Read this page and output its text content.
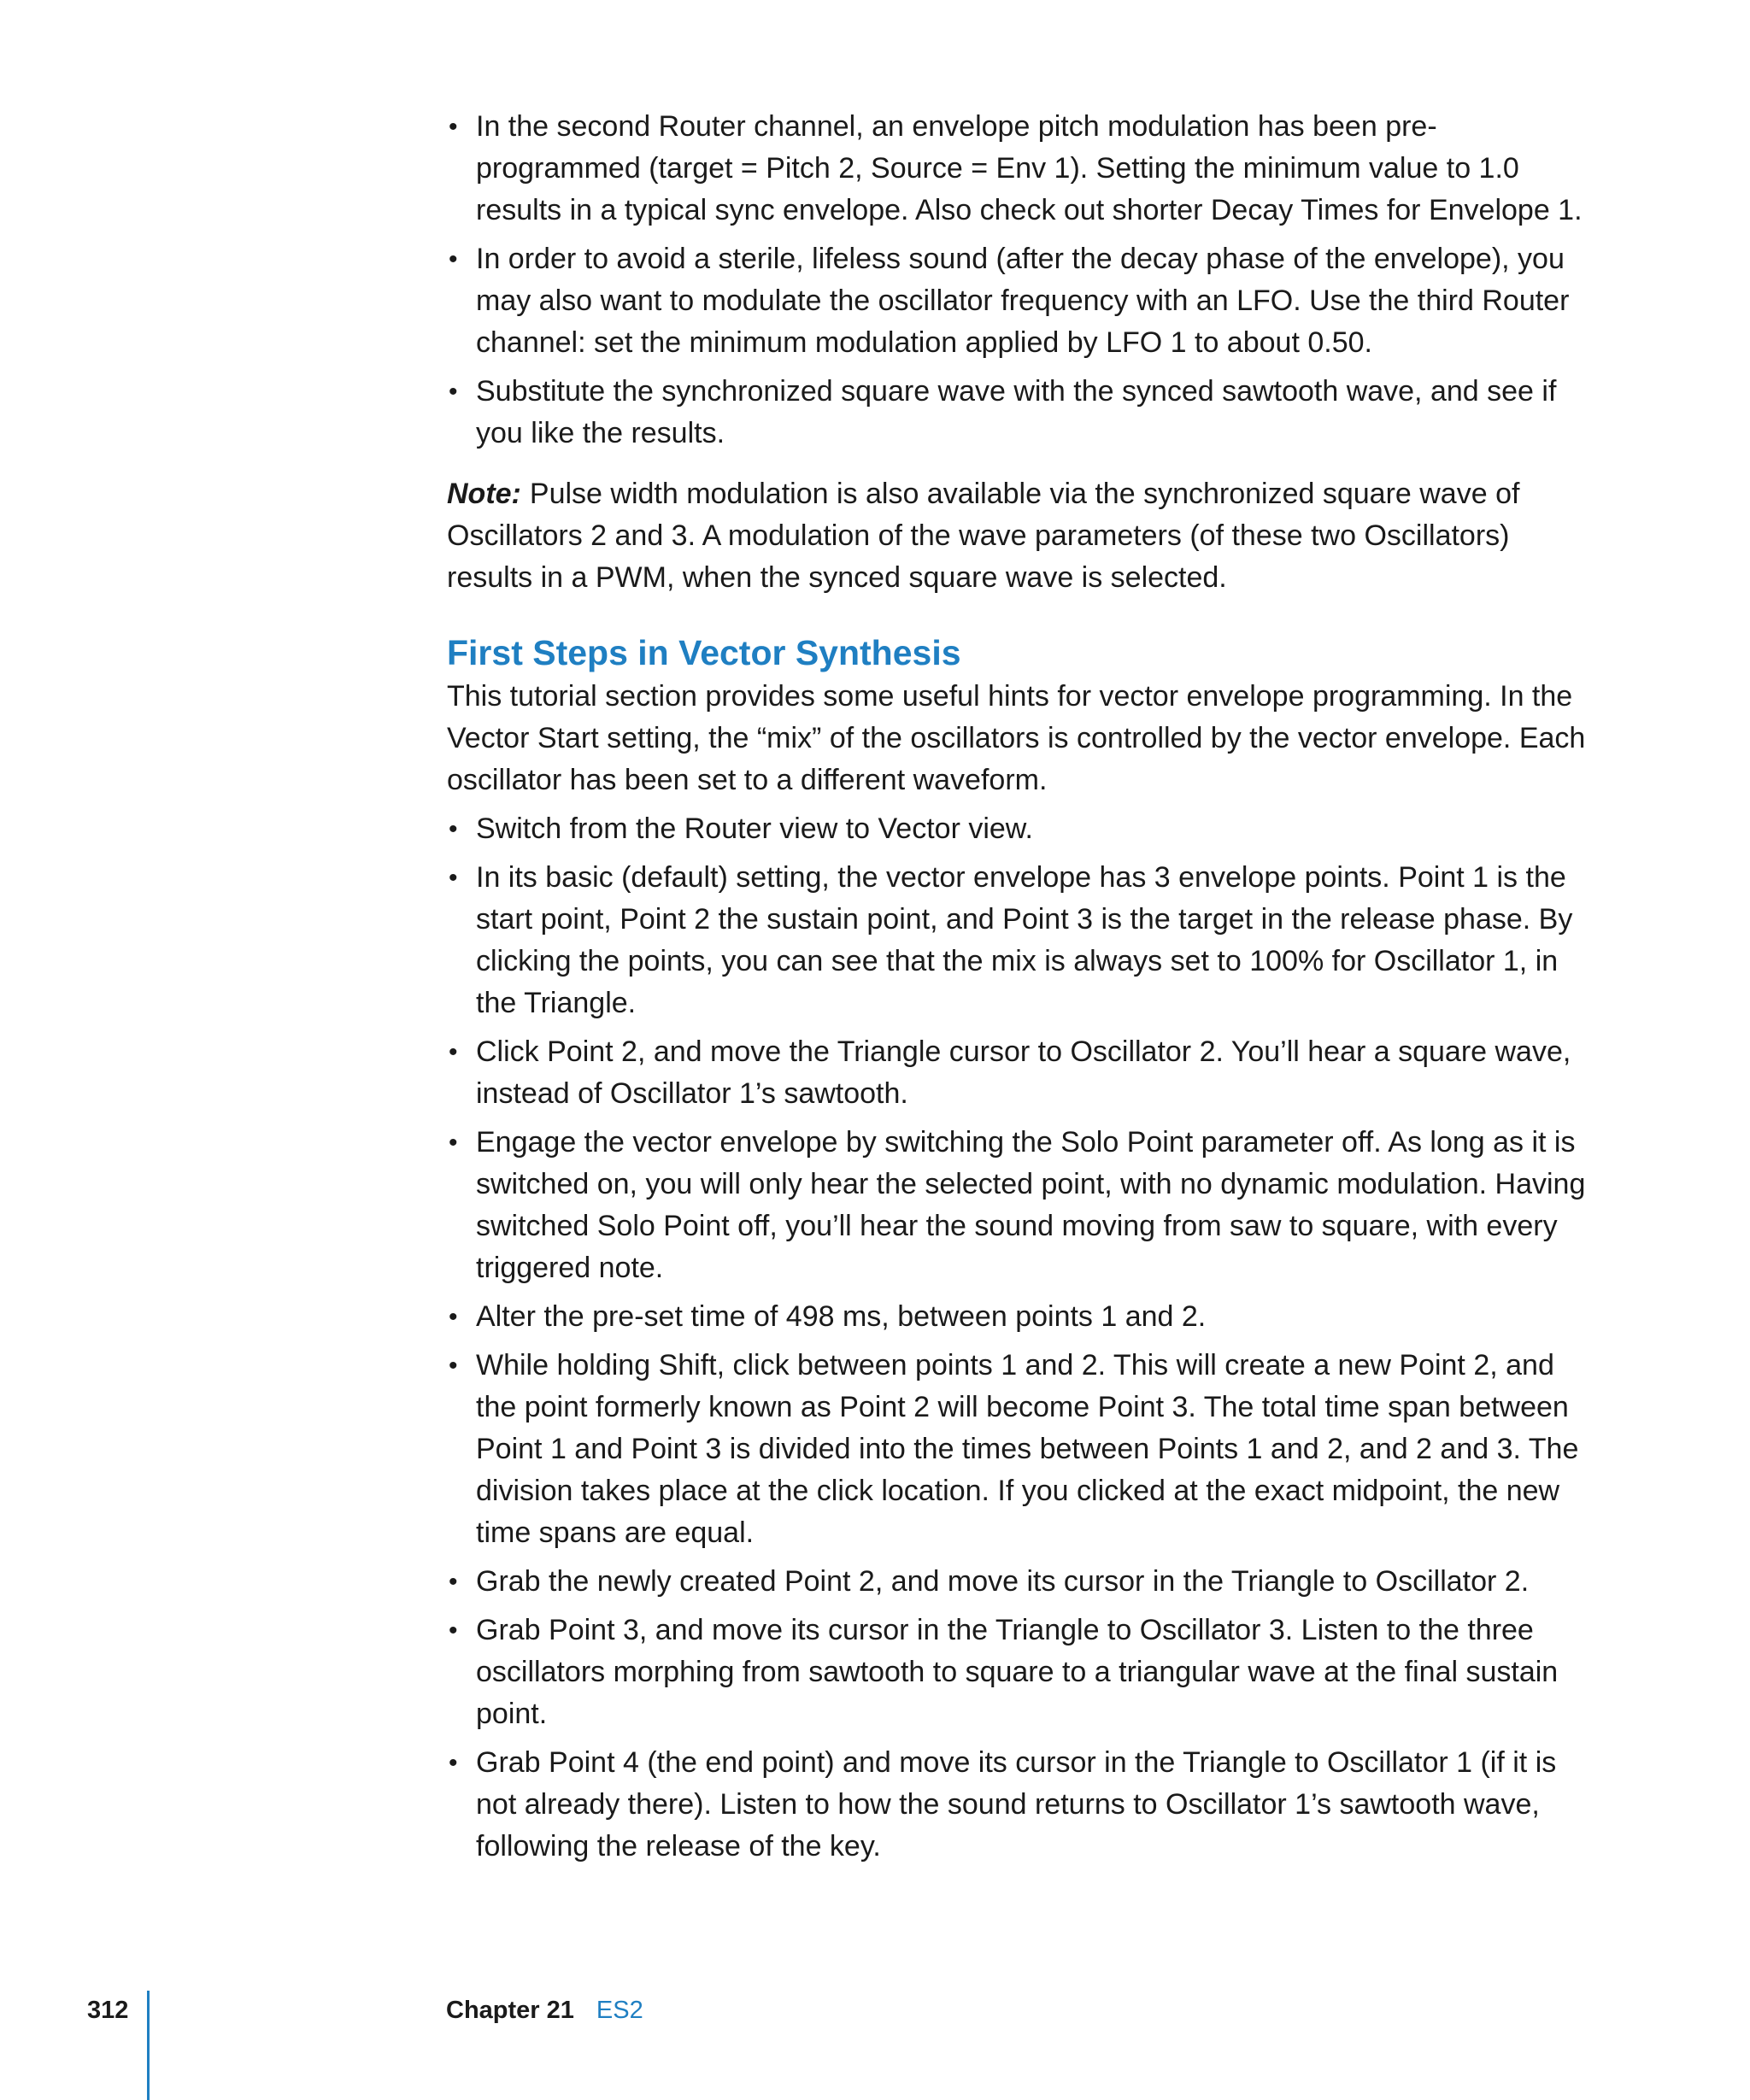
• In the second Router channel, an envelope pitch modulation has been pre-programmed (target = Pitch 2, Source = Env 1). Setting the minimum value to 1.0 results in a typical sync envelope. Also check out shorter Decay Times for Envelope 1.
• In order to avoid a sterile, lifeless sound (after the decay phase of the envelope), you may also want to modulate the oscillator frequency with an LFO. Use the third Router channel: set the minimum modulation applied by LFO 1 to about 0.50.
• Substitute the synchronized square wave with the synced sawtooth wave, and see if you like the results.

Note: Pulse width modulation is also available via the synchronized square wave of Oscillators 2 and 3. A modulation of the wave parameters (of these two Oscillators) results in a PWM, when the synced square wave is selected.

First Steps in Vector Synthesis

This tutorial section provides some useful hints for vector envelope programming. In the Vector Start setting, the “mix” of the oscillators is controlled by the vector envelope. Each oscillator has been set to a different waveform.

• Switch from the Router view to Vector view.
• In its basic (default) setting, the vector envelope has 3 envelope points. Point 1 is the start point, Point 2 the sustain point, and Point 3 is the target in the release phase. By clicking the points, you can see that the mix is always set to 100% for Oscillator 1, in the Triangle.
• Click Point 2, and move the Triangle cursor to Oscillator 2. You’ll hear a square wave, instead of Oscillator 1’s sawtooth.
• Engage the vector envelope by switching the Solo Point parameter off. As long as it is switched on, you will only hear the selected point, with no dynamic modulation. Having switched Solo Point off, you’ll hear the sound moving from saw to square, with every triggered note.
• Alter the pre-set time of 498 ms, between points 1 and 2.
• While holding Shift, click between points 1 and 2. This will create a new Point 2, and the point formerly known as Point 2 will become Point 3. The total time span between Point 1 and Point 3 is divided into the times between Points 1 and 2, and 2 and 3. The division takes place at the click location. If you clicked at the exact midpoint, the new time spans are equal.
• Grab the newly created Point 2, and move its cursor in the Triangle to Oscillator 2.
• Grab Point 3, and move its cursor in the Triangle to Oscillator 3. Listen to the three oscillators morphing from sawtooth to square to a triangular wave at the final sustain point.
• Grab Point 4 (the end point) and move its cursor in the Triangle to Oscillator 1 (if it is not already there). Listen to how the sound returns to Oscillator 1’s sawtooth wave, following the release of the key.
312	Chapter 21 ES2
